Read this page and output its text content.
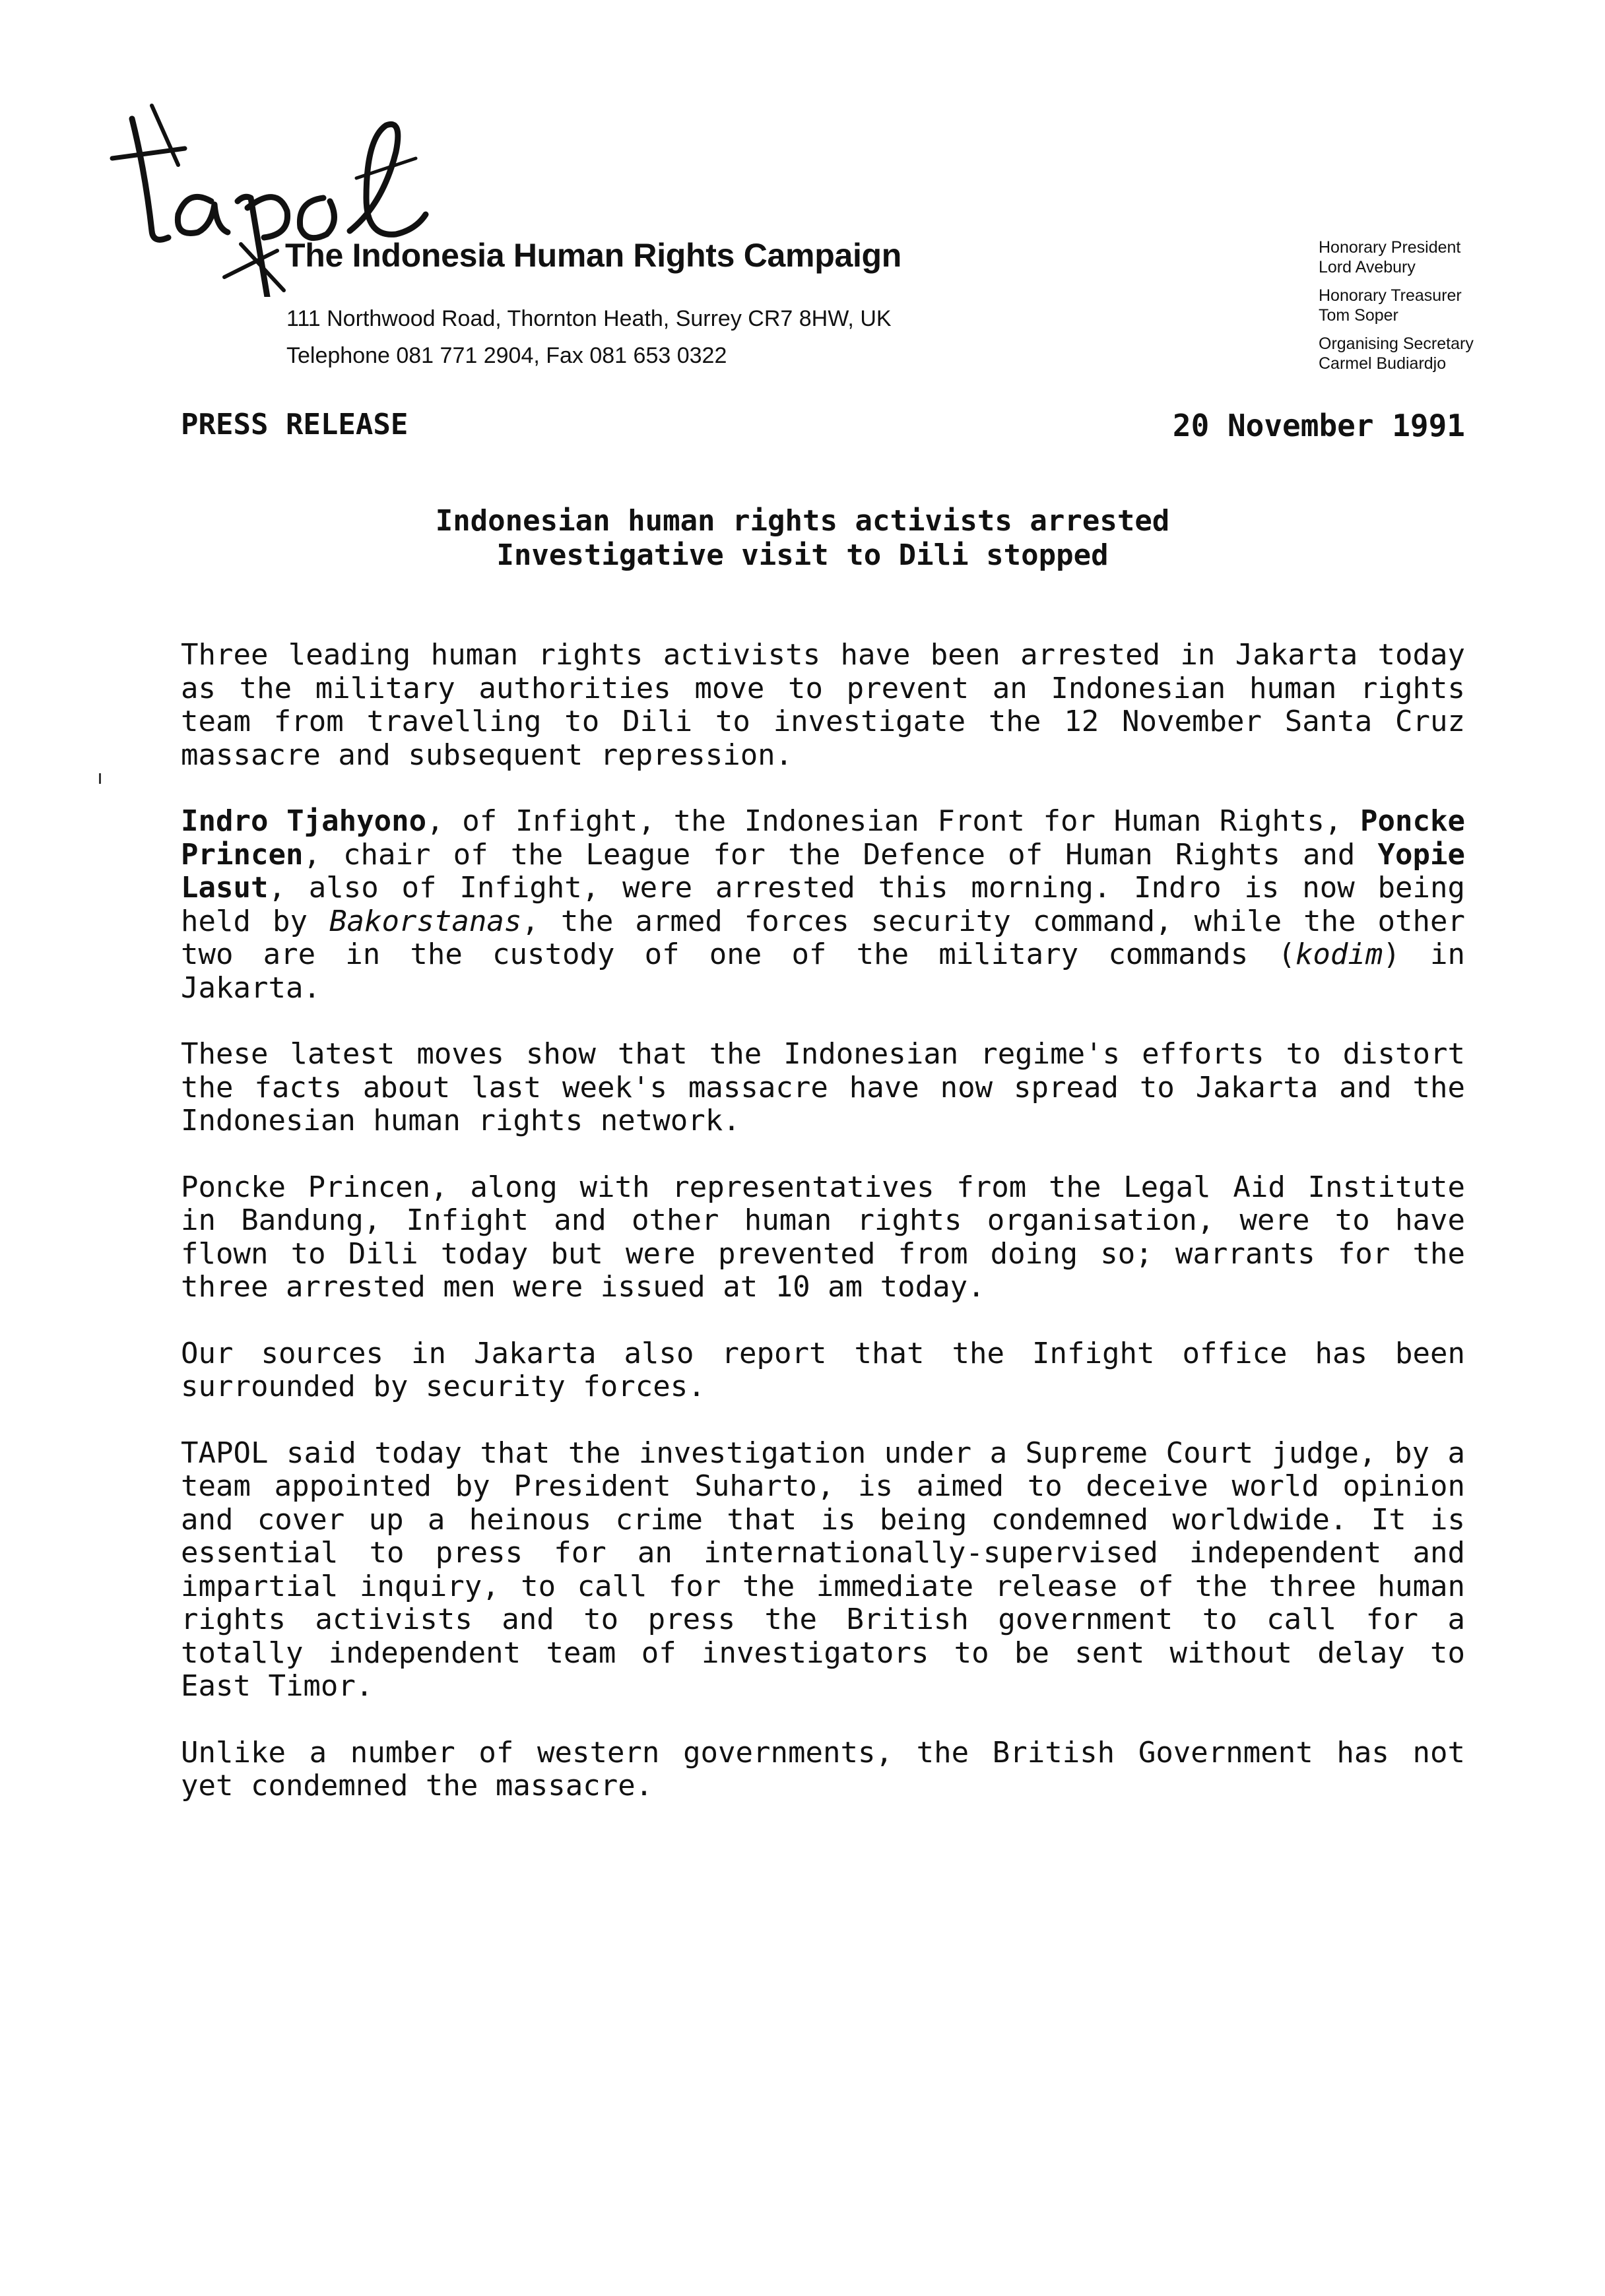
tapol
The Indonesia Human Rights Campaign
111 Northwood Road, Thornton Heath, Surrey CR7 8HW, UK
Telephone 081 771 2904, Fax 081 653 0322
Honorary President
Lord Avebury
Honorary Treasurer
Tom Soper
Organising Secretary
Carmel Budiardjo
PRESS RELEASE	20 November 1991
Indonesian human rights activists arrested
Investigative visit to Dili stopped

Three leading human rights activists have been arrested in Jakarta today as the military authorities move to prevent an Indonesian human rights team from travelling to Dili to investigate the 12 November Santa Cruz massacre and subsequent repression.

Indro Tjahyono, of Infight, the Indonesian Front for Human Rights, Poncke Princen, chair of the League for the Defence of Human Rights and Yopie Lasut, also of Infight, were arrested this morning. Indro is now being held by Bakorstanas, the armed forces security command, while the other two are in the custody of one of the military commands (kodim) in Jakarta.

These latest moves show that the Indonesian regime's efforts to distort the facts about last week's massacre have now spread to Jakarta and the Indonesian human rights network.

Poncke Princen, along with representatives from the Legal Aid Institute in Bandung, Infight and other human rights organisation, were to have flown to Dili today but were prevented from doing so; warrants for the three arrested men were issued at 10 am today.

Our sources in Jakarta also report that the Infight office has been surrounded by security forces.

TAPOL said today that the investigation under a Supreme Court judge, by a team appointed by President Suharto, is aimed to deceive world opinion and cover up a heinous crime that is being condemned worldwide. It is essential to press for an internationally-supervised independent and impartial inquiry, to call for the immediate release of the three human rights activists and to press the British government to call for a totally independent team of investigators to be sent without delay to East Timor.

Unlike a number of western governments, the British Government has not yet condemned the massacre.
